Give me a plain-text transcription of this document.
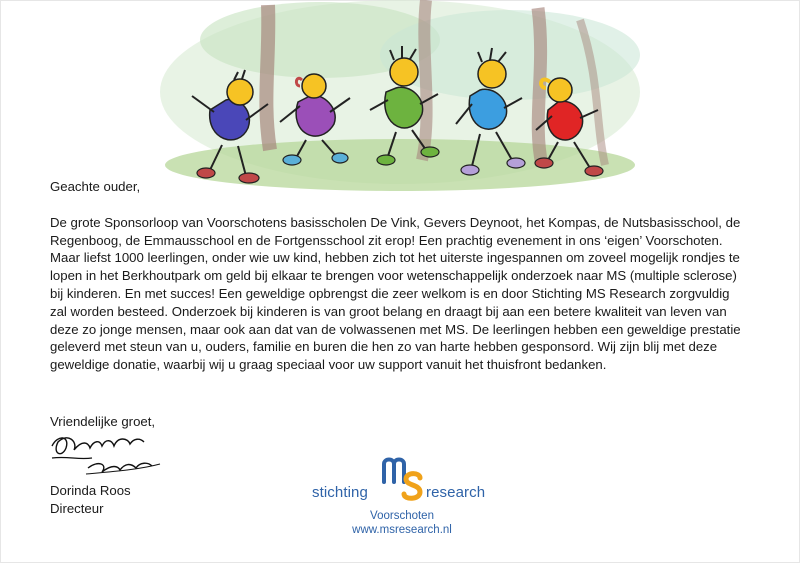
Geachte ouder,

De grote Sponsorloop van Voorschotens basisscholen De Vink, Gevers Deynoot, het Kompas, de Nutsbasisschool, de Regenboog, de Emmausschool en de Fortgensschool zit erop! Een prachtig evenement in ons ‘eigen’ Voorschoten. Maar liefst 1000 leerlingen, onder wie uw kind, hebben zich tot het uiterste ingespannen om zoveel mogelijk rondjes te lopen in het Berkhoutpark om geld bij elkaar te brengen voor wetenschappelijk onderzoek naar MS (multiple sclerose) bij kinderen. En met succes! Een geweldige opbrengst die zeer welkom is en door Stichting MS Research zorgvuldig zal worden besteed. Onderzoek bij kinderen is van groot belang en draagt bij aan een betere kwaliteit van leven van deze zo jonge mensen, maar ook aan dat van de volwassenen met MS. De leerlingen hebben een geweldige prestatie geleverd met steun van u, ouders, familie en buren die hen zo van harte hebben gesponsord. Wij zijn blij met deze geweldige donatie, waarbij wij u graag speciaal voor uw support vanuit het thuisfront bedanken.

Vriendelijke groet,
Dorinda Roos
Directeur
stichting	research
Voorschoten
www.msresearch.nl
